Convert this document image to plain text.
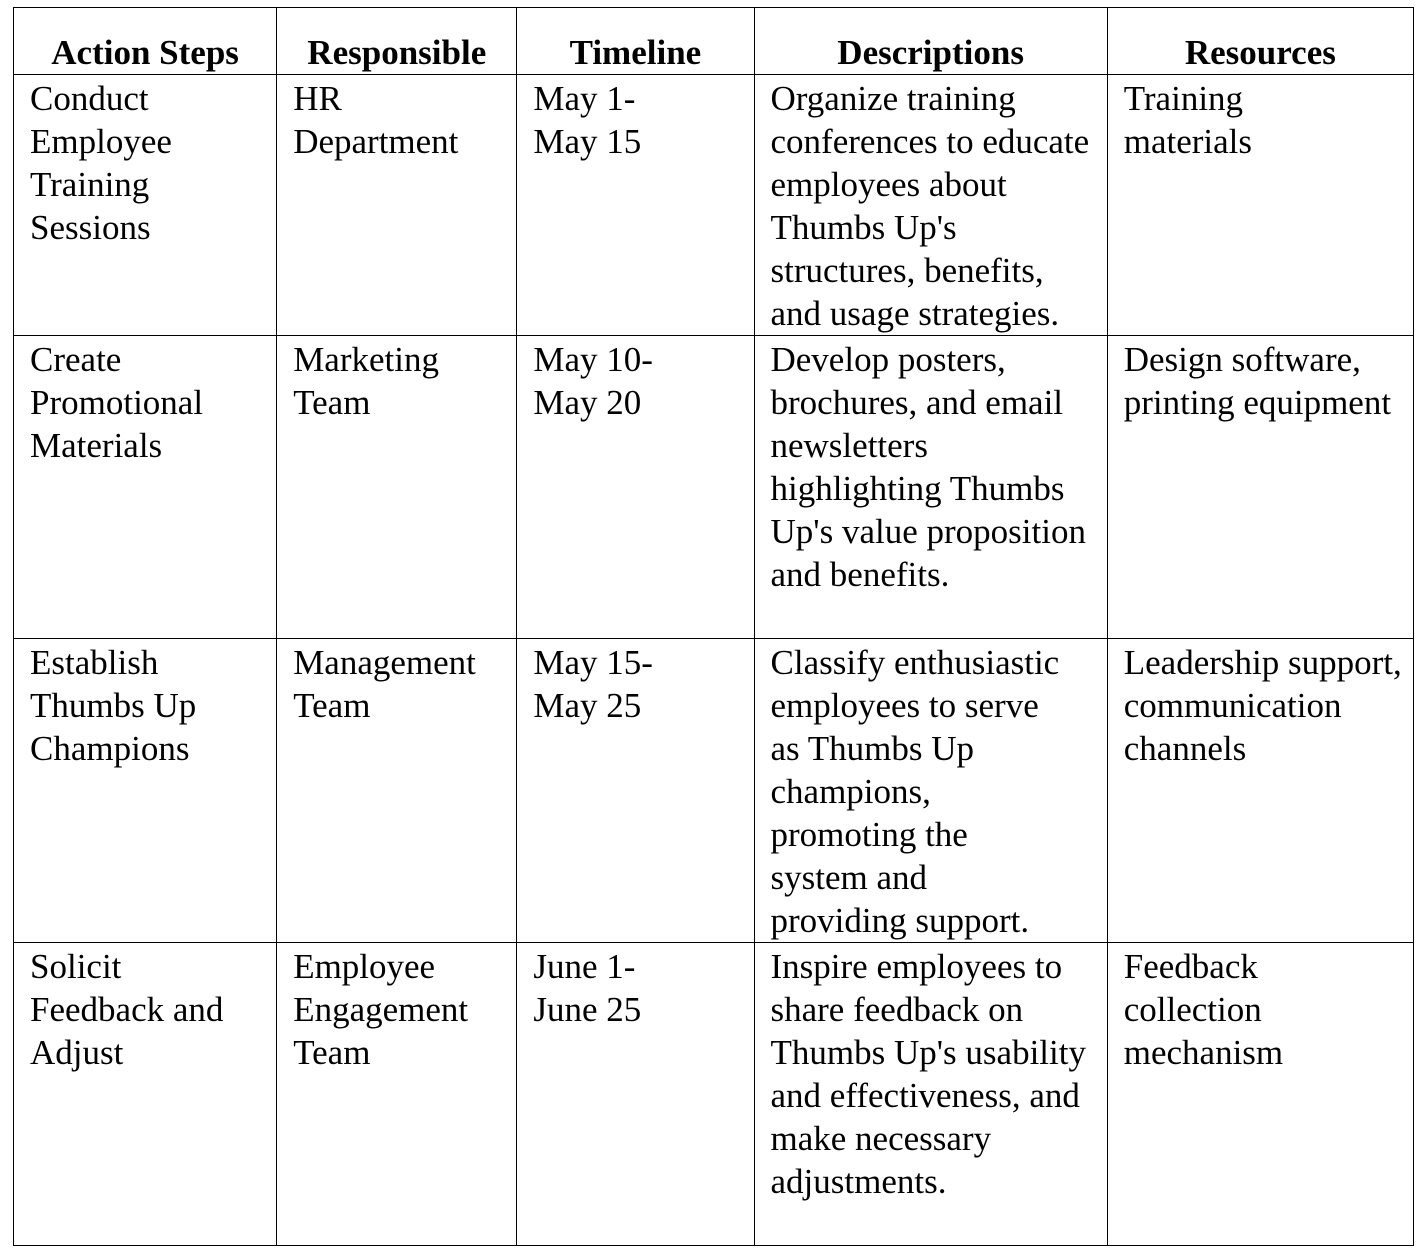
Action Steps	Responsible	Timeline	Descriptions	Resources

Conduct Employee Training Sessions	HR Department	May 1-May 15	Organize training conferences to educate employees about Thumbs Up's structures, benefits, and usage strategies.	Training materials

Create Promotional Materials	Marketing Team	May 10-May 20	Develop posters, brochures, and email newsletters highlighting Thumbs Up's value proposition and benefits.	Design software, printing equipment

Establish Thumbs Up Champions	Management Team	May 15-May 25	Classify enthusiastic employees to serve as Thumbs Up champions, promoting the system and providing support.	Leadership support, communication channels

Solicit Feedback and Adjust	Employee Engagement Team	June 1-June 25	Inspire employees to share feedback on Thumbs Up's usability and effectiveness, and make necessary adjustments.	Feedback collection mechanism
